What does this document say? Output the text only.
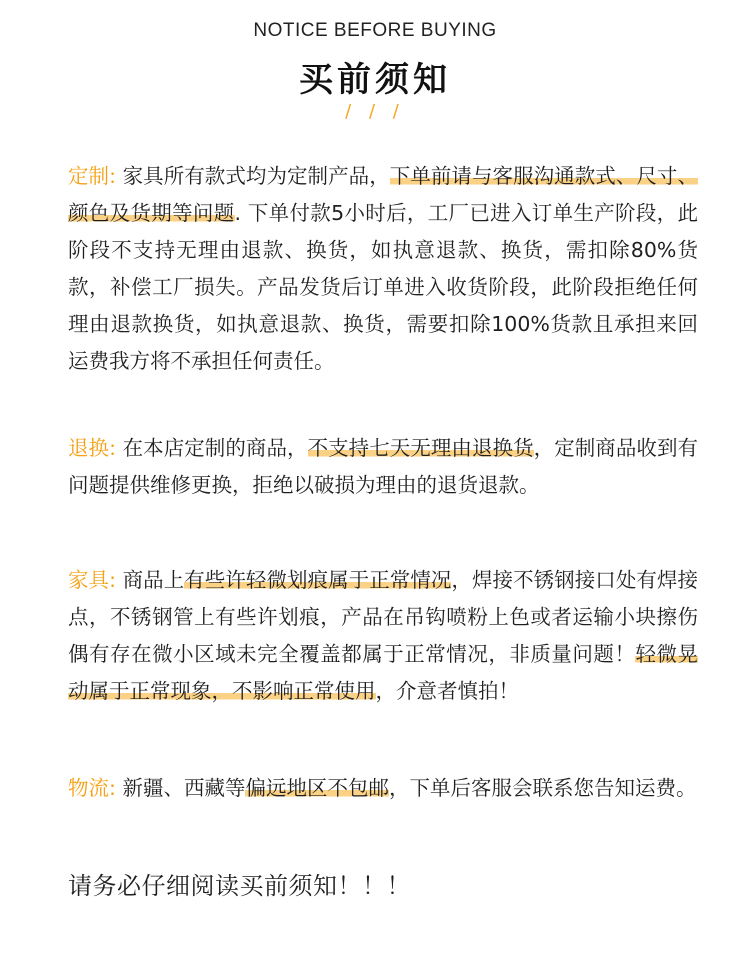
NOTICE BEFORE BUYING
买前须知
/ / /
定制: 家具所有款式均为定制产品，下单前请与客服沟通款式、尺寸、颜色及货期等问题. 下单付款5小时后，工厂已进入订单生产阶段，此阶段不支持无理由退款、换货，如执意退款、换货，需扣除80%货款，补偿工厂损失。产品发货后订单进入收货阶段，此阶段拒绝任何理由退款换货，如执意退款、换货，需要扣除100%货款且承担来回运费我方将不承担任何责任。
退换: 在本店定制的商品，不支持七天无理由退换货，定制商品收到有问题提供维修更换，拒绝以破损为理由的退货退款。
家具: 商品上有些许轻微划痕属于正常情况，焊接不锈钢接口处有焊接点，不锈钢管上有些许划痕，产品在吊钩喷粉上色或者运输小块擦伤偶有存在微小区域未完全覆盖都属于正常情况，非质量问题！轻微晃动属于正常现象，不影响正常使用，介意者慎拍！
物流: 新疆、西藏等偏远地区不包邮，下单后客服会联系您告知运费。
请务必仔细阅读买前须知！！！
